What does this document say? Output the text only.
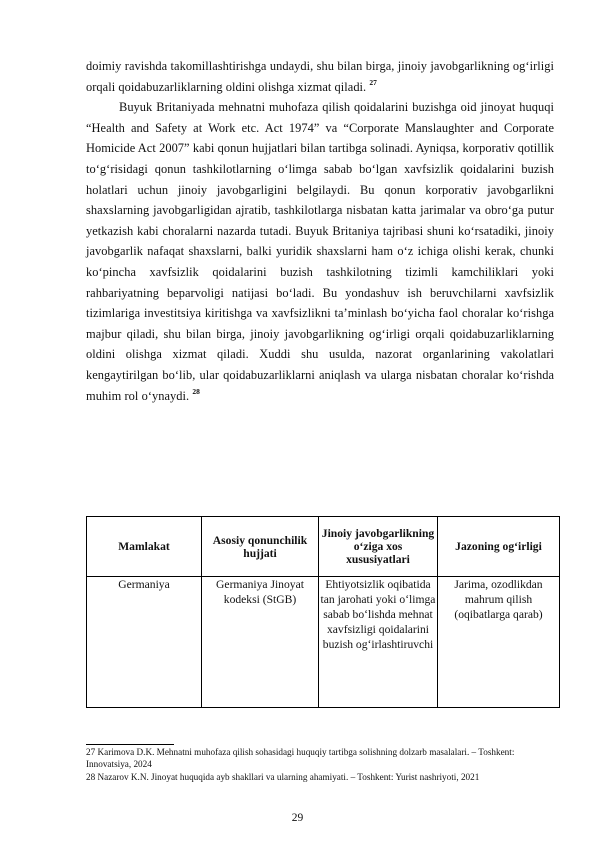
doimiy ravishda takomillashtirishga undaydi, shu bilan birga, jinoiy javobgarlikning og‘irligi orqali qoidabuzarliklarning oldini olishga xizmat qiladi. $^{27}$

Buyuk Britaniyada mehnatni muhofaza qilish qoidalarini buzishga oid jinoyat huquqi “Health and Safety at Work etc. Act 1974” va “Corporate Manslaughter and Corporate Homicide Act 2007” kabi qonun hujjatlari bilan tartibga solinadi. Ayniqsa, korporativ qotillik to‘g‘risidagi qonun tashkilotlarning o‘limga sabab bo‘lgan xavfsizlik qoidalarini buzish holatlari uchun jinoiy javobgarligini belgilaydi. Bu qonun korporativ javobgarlikni shaxslarning javobgarligidan ajratib, tashkilotlarga nisbatan katta jarimalar va obro‘ga putur yetkazish kabi choralarni nazarda tutadi. Buyuk Britaniya tajribasi shuni ko‘rsatadiki, jinoiy javobgarlik nafaqat shaxslarni, balki yuridik shaxslarni ham o‘z ichiga olishi kerak, chunki ko‘pincha xavfsizlik qoidalarini buzish tashkilotning tizimli kamchiliklari yoki rahbariyatning beparvoligi natijasi bo‘ladi. Bu yondashuv ish beruvchilarni xavfsizlik tizimlariga investitsiya kiritishga va xavfsizlikni ta’minlash bo‘yicha faol choralar ko‘rishga majbur qiladi, shu bilan birga, jinoiy javobgarlikning og‘irligi orqali qoidabuzarliklarning oldini olishga xizmat qiladi. Xuddi shu usulda, nazorat organlarining vakolatlari kengaytirilgan bo‘lib, ular qoidabuzarliklarni aniqlash va ularga nisbatan choralar ko‘rishda muhim rol o‘ynaydi. $^{28}$

Mamlakat	Asosiy qonunchilik hujjati	Jinoiy javobgarlikning o‘ziga xos xususiyatlari	Jazoning og‘irligi
Germaniya	Germaniya Jinoyat kodeksi (StGB)	Ehtiyotsizlik oqibatida tan jarohati yoki o‘limga sabab bo‘lishda mehnat xavfsizligi qoidalarini buzish og‘irlashtiruvchi	Jarima, ozodlikdan mahrum qilish (oqibatlarga qarab)

27 Karimova D.K. Mehnatni muhofaza qilish sohasidagi huquqiy tartibga solishning dolzarb masalalari. – Toshkent: Innovatsiya, 2024

28 Nazarov K.N. Jinoyat huquqida ayb shakllari va ularning ahamiyati. – Toshkent: Yurist nashriyoti, 2021

29
